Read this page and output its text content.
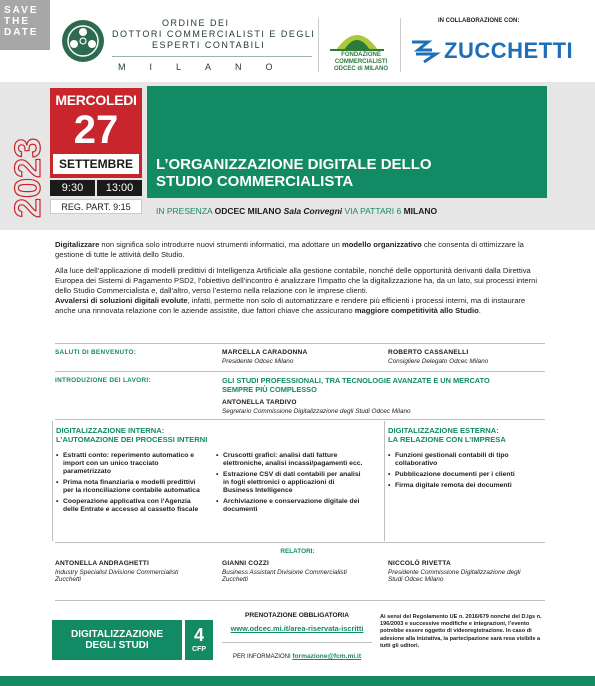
SAVE
THE
DATE
ORDINE DEI
DOTTORI COMMERCIALISTI E DEGLI
ESPERTI CONTABILI
MILANO
FONDAZIONE
COMMERCIALISTI
ODCEC di MILANO
IN COLLABORAZIONE CON:
ZUCCHETTI
2023
MERCOLEDI
27
SETTEMBRE
9:30	13:00
REG. PART. 9:15
L’ORGANIZZAZIONE DIGITALE DELLO
STUDIO COMMERCIALISTA
IN PRESENZA ODCEC MILANO Sala Convegni VIA PATTARI 6 MILANO

Digitalizzare non significa solo introdurre nuovi strumenti informatici, ma adottare un modello organizzativo che consenta di ottimizzare la gestione di tutte le attività dello Studio.

Alla luce dell’applicazione di modelli predittivi di Intelligenza Artificiale alla gestione contabile, nonché delle opportunità derivanti dalla Direttiva Europea dei Sistemi di Pagamento PSD2, l’obiettivo dell’incontro è analizzare l’impatto che la digitalizzazione ha, da un lato, sui processi interni dello Studio Commercialista e, dall’altro, verso l’esterno nella relazione con le imprese clienti.
Avvalersi di soluzioni digitali evolute, infatti, permette non solo di automatizzare e rendere più efficienti i processi interni, ma di instaurare anche una rinnovata relazione con le aziende assistite, due fattori chiave che assicurano maggiore competitività allo Studio.

SALUTI DI BENVENUTO:	MARCELLA CARADONNA
Presidente Odcec Milano
ROBERTO CASSANELLI
Consigliere Delegato Odcec Milano
INTRODUZIONE DEI LAVORI:	GLI STUDI PROFESSIONALI, TRA TECNOLOGIE AVANZATE E UN MERCATO
SEMPRE PIÙ COMPLESSO
ANTONELLA TARDIVO
Segretario Commissione Digitalizzazione degli Studi Odcec Milano
DIGITALIZZAZIONE INTERNA:
L’AUTOMAZIONE DEI PROCESSI INTERNI
• Estratti conto: reperimento automatico e import con un unico tracciato parametrizzato
• Prima nota finanziaria e modelli predittivi per la riconciliazione contabile automatica
• Cooperazione applicativa con l’Agenzia delle Entrate e accesso al cassetto fiscale
• Cruscotti grafici: analisi dati fatture elettroniche, analisi incassi/pagamenti ecc.
• Estrazione CSV di dati contabili per analisi in fogli elettronici o applicazioni di Business Intelligence
• Archiviazione e conservazione digitale dei documenti
DIGITALIZZAZIONE ESTERNA:
LA RELAZIONE CON L’IMPRESA
• Funzioni gestionali contabili di tipo collaborativo
• Pubblicazione documenti per i clienti
• Firma digitale remota dei documenti
RELATORI:
ANTONELLA ANDRAGHETTI
Industry Specialist Divisione Commercialisti
Zucchetti
GIANNI COZZI
Business Assistant Divisione Commercialisti
Zucchetti
NICCOLÒ RIVETTA
Presidente Commissione Digitalizzazione degli
Studi Odcec Milano
DIGITALIZZAZIONE
DEGLI STUDI
4
CFP
PRENOTAZIONE OBBLIGATORIA
www.odcec.mi.it/area-riservata-iscritti
PER INFORMAZIONI formazione@fcm.mi.it
Ai sensi del Regolamento UE n. 2016/679 nonché del D.lgs n. 196/2003 e successive modifiche e integrazioni, l’evento potrebbe essere oggetto di videoregistrazione. In caso di adesione alla iniziativa, la partecipazione sarà resa visibile a tutti gli uditori.
